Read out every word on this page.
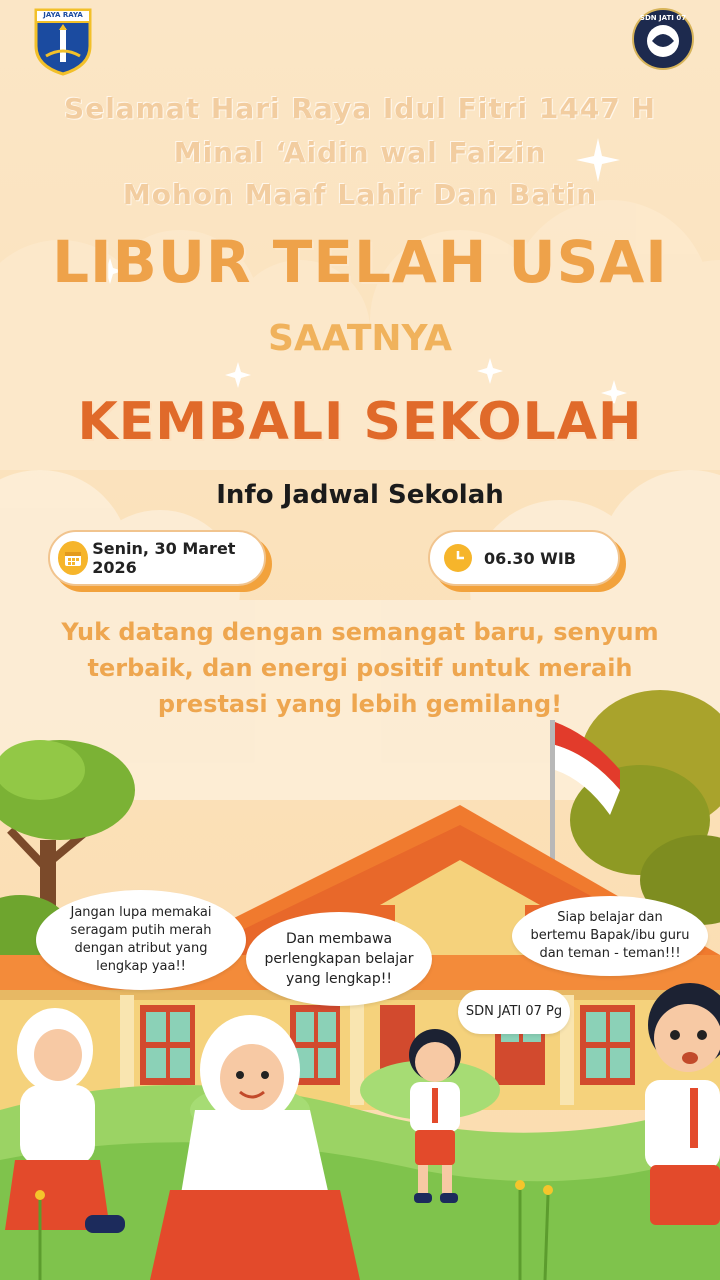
JAYA RAYA	SDN JATI 07
Selamat Hari Raya Idul Fitri 1447 H
Minal ‘Aidin wal Faizin
Mohon Maaf Lahir Dan Batin
LIBUR TELAH USAI
SAATNYA
KEMBALI SEKOLAH
Info Jadwal Sekolah
Senin, 30 Maret 2026	06.30 WIB
Yuk datang dengan semangat baru, senyum
terbaik, dan energi positif untuk meraih
prestasi yang lebih gemilang!
Jangan lupa memakai
seragam putih merah
dengan atribut yang
lengkap yaa!!
Dan membawa
perlengkapan belajar
yang lengkap!!
Siap belajar dan
bertemu Bapak/ibu guru
dan teman - teman!!!
SDN JATI 07 Pg
